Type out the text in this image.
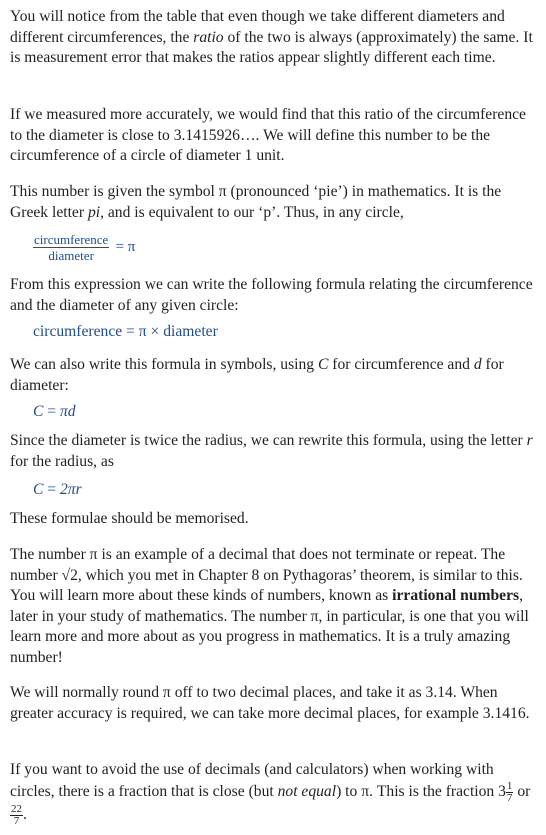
You will notice from the table that even though we take different diameters and different circumferences, the ratio of the two is always (approximately) the same. It is measurement error that makes the ratios appear slightly different each time.

If we measured more accurately, we would find that this ratio of the circumference to the diameter is close to 3.1415926…. We will define this number to be the circumference of a circle of diameter 1 unit.

This number is given the symbol π (pronounced ‘pie’) in mathematics. It is the Greek letter pi, and is equivalent to our ‘p’. Thus, in any circle,

$\frac{\text{circumference}}{\text{diameter}} = \pi$

From this expression we can write the following formula relating the circumference and the diameter of any given circle:

circumference = π × diameter

We can also write this formula in symbols, using C for circumference and d for diameter:

C = πd

Since the diameter is twice the radius, we can rewrite this formula, using the letter r for the radius, as

C = 2πr

These formulae should be memorised.

The number π is an example of a decimal that does not terminate or repeat. The number √2, which you met in Chapter 8 on Pythagoras’ theorem, is similar to this. You will learn more about these kinds of numbers, known as irrational numbers, later in your study of mathematics. The number π, in particular, is one that you will learn more and more about as you progress in mathematics. It is a truly amazing number!

We will normally round π off to two decimal places, and take it as 3.14. When greater accuracy is required, we can take more decimal places, for example 3.1416.

If you want to avoid the use of decimals (and calculators) when working with circles, there is a fraction that is close (but not equal) to π. This is the fraction $3 \frac{1}{7}$ or
$\frac{22}{7}$ .
